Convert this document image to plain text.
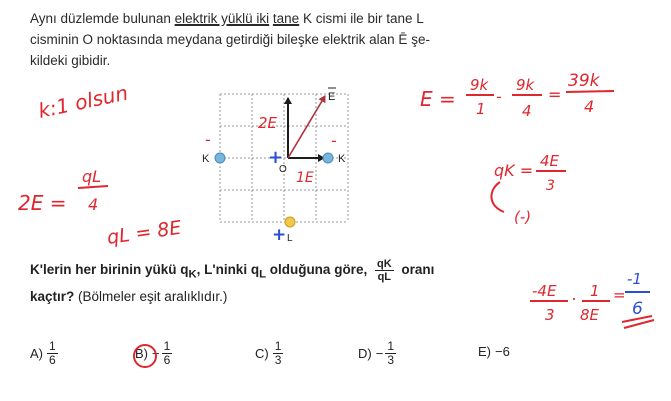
Aynı düzlemde bulunan elektrik yüklü iki tane K cismi ile bir tane L
cisminin O noktasında meydana getirdiği bileşke elektrik alan Ē şe-
kildeki gibidir.
K'lerin her birinin yükü $q_K$, L'ninki $q_L$ olduğuna göre, $\frac{qK}{qL}$ oranı
kaçtır? (Bölmeler eşit aralıklıdır.)
$A) \frac{1}{6}$	$B) - \frac{1}{6}$	$C) \frac{1}{3}$	$D) - \frac{1}{3}$	E) −6
K	K
O
L
E
k:1 olsun
2E
1E
-	-
2E =
qL
4
qL = 8E
E =
9k
1
-
9k
4
=
39k
4
qK = 4E
3
(-)
+
+
-4E
3
. 1
8E
=
-1
6
